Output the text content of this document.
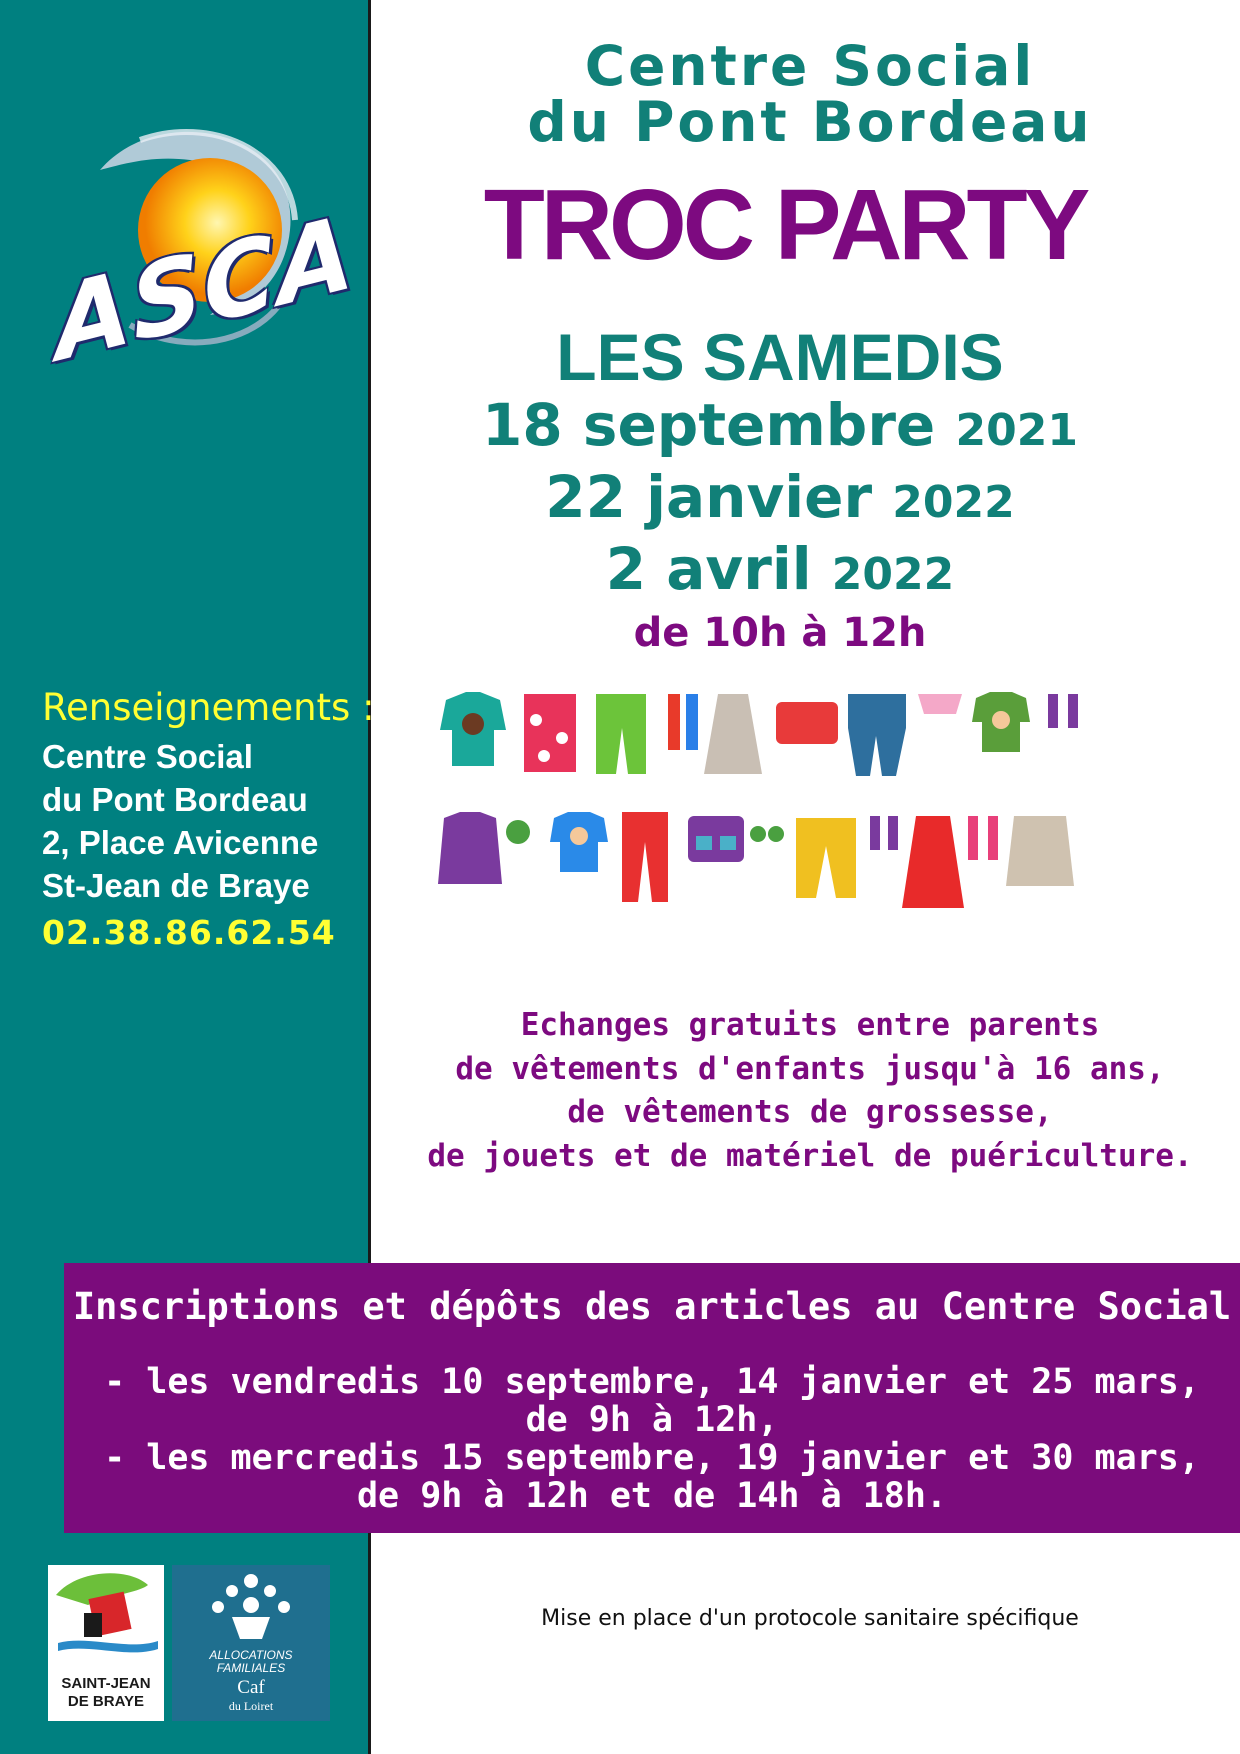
ASCA
Renseignements :
Centre Social
du Pont Bordeau
2, Place Avicenne
St-Jean de Braye
02.38.86.62.54
Centre Social
du Pont Bordeau
TROC PARTY
LES SAMEDIS
18 septembre 2021
22 janvier 2022
2 avril 2022
de 10h à 12h
Echanges gratuits entre parents
de vêtements d'enfants jusqu'à 16 ans,
de vêtements de grossesse,
de jouets et de matériel de puériculture.
Inscriptions et dépôts des articles au Centre Social
- les vendredis 10 septembre, 14 janvier et 25 mars,
de 9h à 12h,
- les mercredis 15 septembre, 19 janvier et 30 mars,
de 9h à 12h et de 14h à 18h.
SAINT-JEAN
DE BRAYE
ALLOCATIONS
FAMILIALES
Caf
du Loiret
Mise en place d'un protocole sanitaire spécifique
